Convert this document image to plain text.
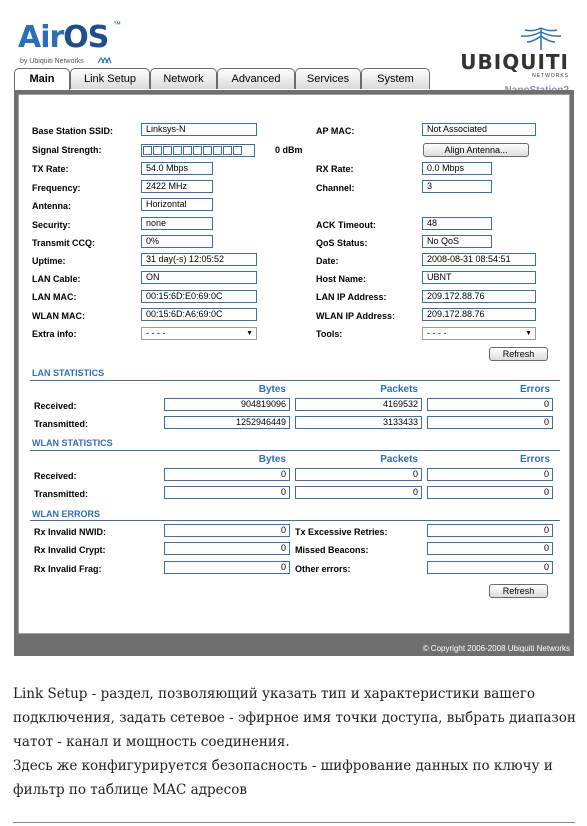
AirOS ™
by Ubiquiti Networks	UBIQUITI
NETWORKS
Main	Link Setup	Network	Advanced	Services	System
© Copyright 2006-2008 Ubiquiti Networks
Base Station SSID:	Linksys-N	AP MAC:	Not Associated
Signal Strength:	0 dBm	Align Antenna...
TX Rate:	54.0 Mbps	RX Rate:	0.0 Mbps
Frequency:	2422 MHz	Channel:	3
Antenna:	Horizontal
Security:	none	ACK Timeout:	48
Transmit CCQ:	0%	QoS Status:	No QoS
Uptime:	31 day(-s) 12:05:52	Date:	2008-08-31 08:54:51
LAN Cable:	ON	Host Name:	UBNT
LAN MAC:	00:15:6D:E0:69:0C	LAN IP Address:	209.172.88.76
WLAN MAC:	00:15:6D:A6:69:0C	WLAN IP Address:	209.172.88.76
Extra info:	- - - -	▼	Tools:	- - - -	▼
Refresh
LAN STATISTICS
Bytes	Packets	Errors
Received:	904819096	4169532	0
Transmitted:	1252946449	3133433	0
WLAN STATISTICS
Bytes	Packets	Errors
Received:	0	0	0
Transmitted:	0	0	0
WLAN ERRORS
Rx Invalid NWID:	0	Tx Excessive Retries:	0
Rx Invalid Crypt:	0	Missed Beacons:	0
Rx Invalid Frag:	0	Other errors:	0
Refresh

Link Setup - раздел, позволяющий указать тип и характеристики вашего подключения, задать сетевое - эфирное имя точки доступа, выбрать диапазон чатот - канал и мощность соединения.

Здесь же конфигурируется безопасность - шифрование данных по ключу и фильтр по таблице MAC адресов
